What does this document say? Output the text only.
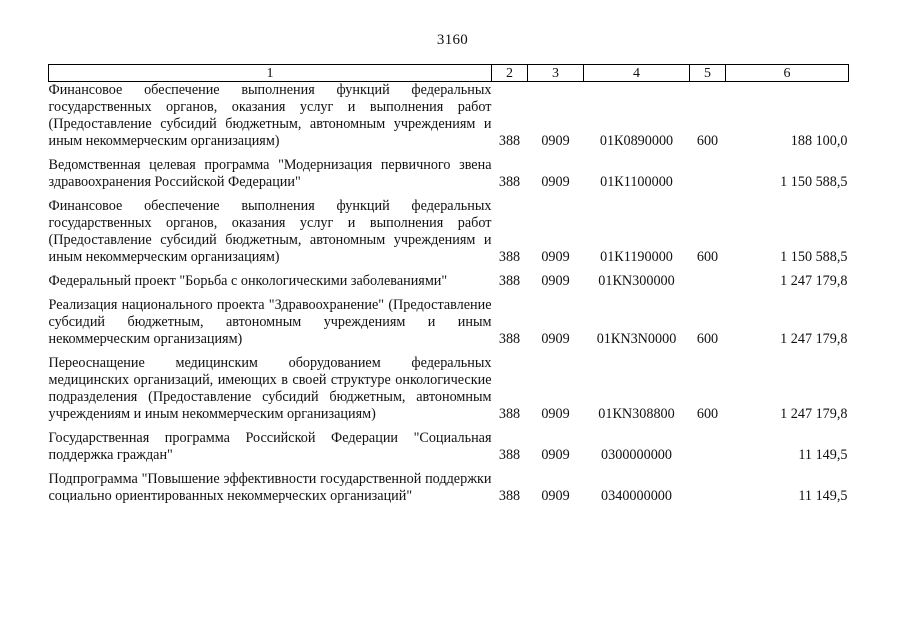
3160
1	2	3	4	5	6
Финансовое обеспечение выполнения функций федеральных государственных органов, оказания услуг и выполнения работ (Предоставление субсидий бюджетным, автономным учреждениям и иным некоммерческим организациям)	388	0909	01К0890000	600	188 100,0
Ведомственная целевая программа "Модернизация первичного звена здравоохранения Российской Федерации"	388	0909	01К1100000		1 150 588,5
Финансовое обеспечение выполнения функций федеральных государственных органов, оказания услуг и выполнения работ (Предоставление субсидий бюджетным, автономным учреждениям и иным некоммерческим организациям)	388	0909	01К1190000	600	1 150 588,5
Федеральный проект "Борьба с онкологическими заболеваниями"	388	0909	01КN300000		1 247 179,8
Реализация национального проекта "Здравоохранение" (Предоставление субсидий бюджетным, автономным учреждениям и иным некоммерческим организациям)	388	0909	01КN3N0000	600	1 247 179,8
Переоснащение медицинским оборудованием федеральных медицинских организаций, имеющих в своей структуре онкологические подразделения (Предоставление субсидий бюджетным, автономным учреждениям и иным некоммерческим организациям)	388	0909	01КN308800	600	1 247 179,8
Государственная программа Российской Федерации "Социальная поддержка граждан"	388	0909	0300000000		11 149,5
Подпрограмма "Повышение эффективности государственной поддержки социально ориентированных некоммерческих организаций"	388	0909	0340000000		11 149,5
